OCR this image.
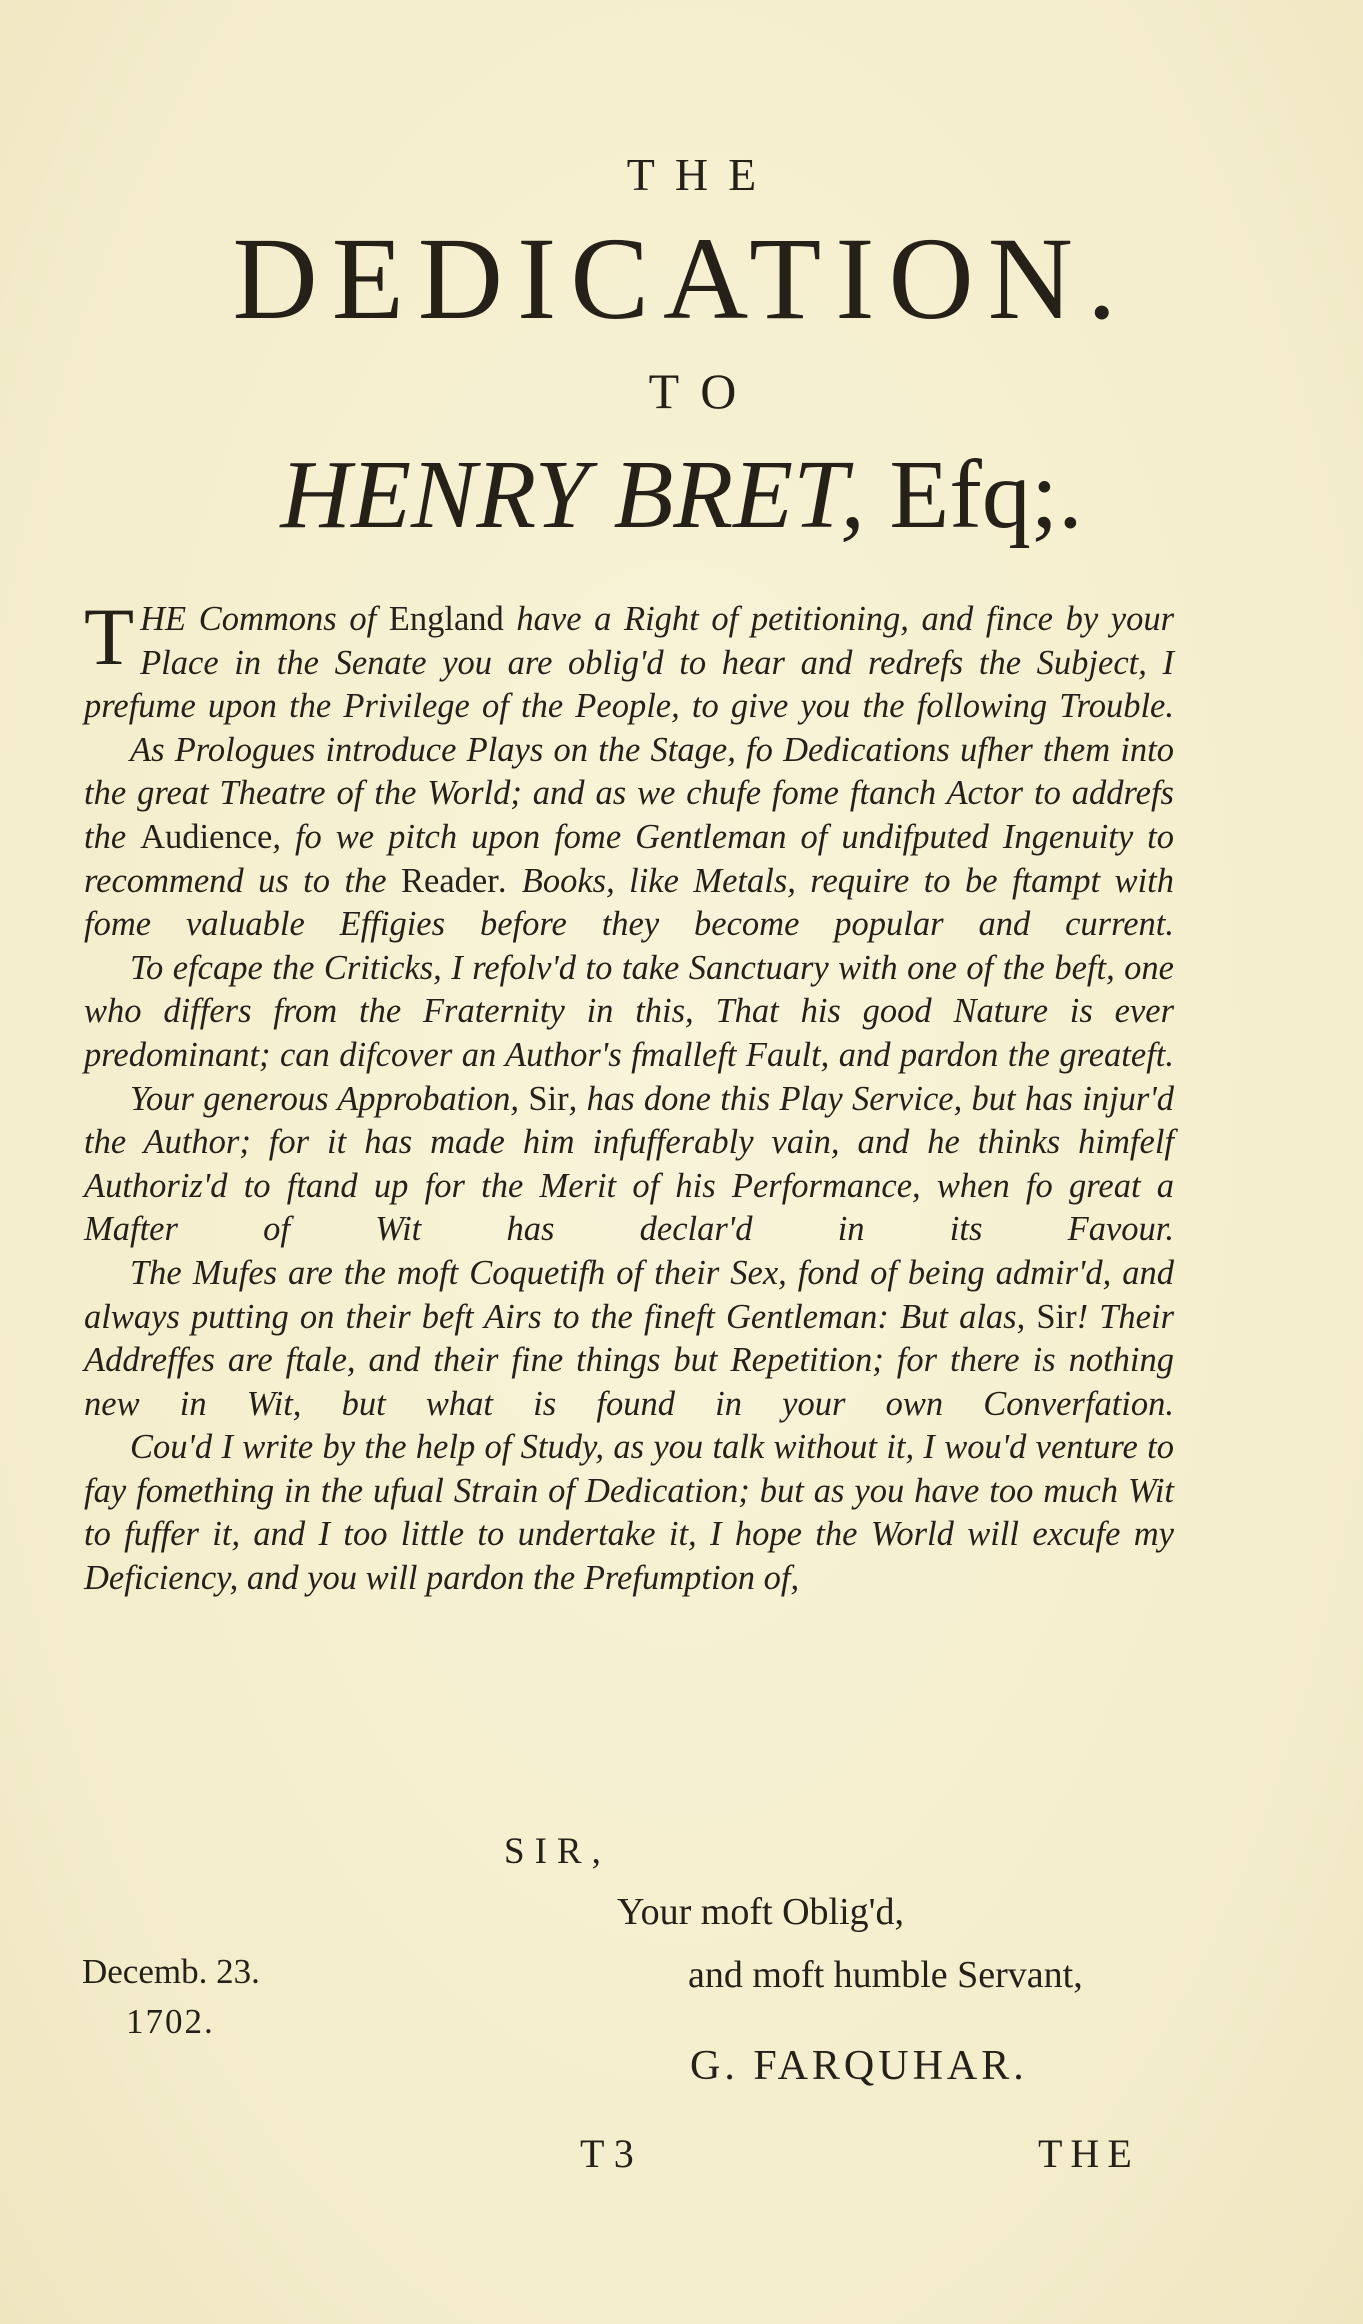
THE
DEDICATION.
TO
HENRY BRET, Efq;.

THE Commons of England have a Right of petitioning, and fince by your Place in the Senate you are oblig'd to hear and redrefs the Subject, I prefume upon the Privilege of the People, to give you the following Trouble.

As Prologues introduce Plays on the Stage, fo Dedications ufher them into the great Theatre of the World; and as we chufe fome ftanch Actor to addrefs the Audience, fo we pitch upon fome Gentleman of undifputed Ingenuity to recommend us to the Reader. Books, like Metals, require to be ftampt with fome valuable Effigies before they become popular and current.

To efcape the Criticks, I refolv'd to take Sanctuary with one of the beft, one who differs from the Fraternity in this, That his good Nature is ever predominant; can difcover an Author's fmalleft Fault, and pardon the greateft.

Your generous Approbation, Sir, has done this Play Service, but has injur'd the Author; for it has made him infufferably vain, and he thinks himfelf Authoriz'd to ftand up for the Merit of his Performance, when fo great a Mafter of Wit has declar'd in its Favour.

The Mufes are the moft Coquetifh of their Sex, fond of being admir'd, and always putting on their beft Airs to the fineft Gentleman: But alas, Sir! Their Addreffes are ftale, and their fine things but Repetition; for there is nothing new in Wit, but what is found in your own Converfation.

Cou'd I write by the help of Study, as you talk without it, I wou'd venture to fay fomething in the ufual Strain of Dedication; but as you have too much Wit to fuffer it, and I too little to undertake it, I hope the World will excufe my Deficiency, and you will pardon the Prefumption of,

SIR,
Your moft Oblig'd,
and moft humble Servant,
Decemb. 23.
1702.
G. FARQUHAR.
T 3	THE
